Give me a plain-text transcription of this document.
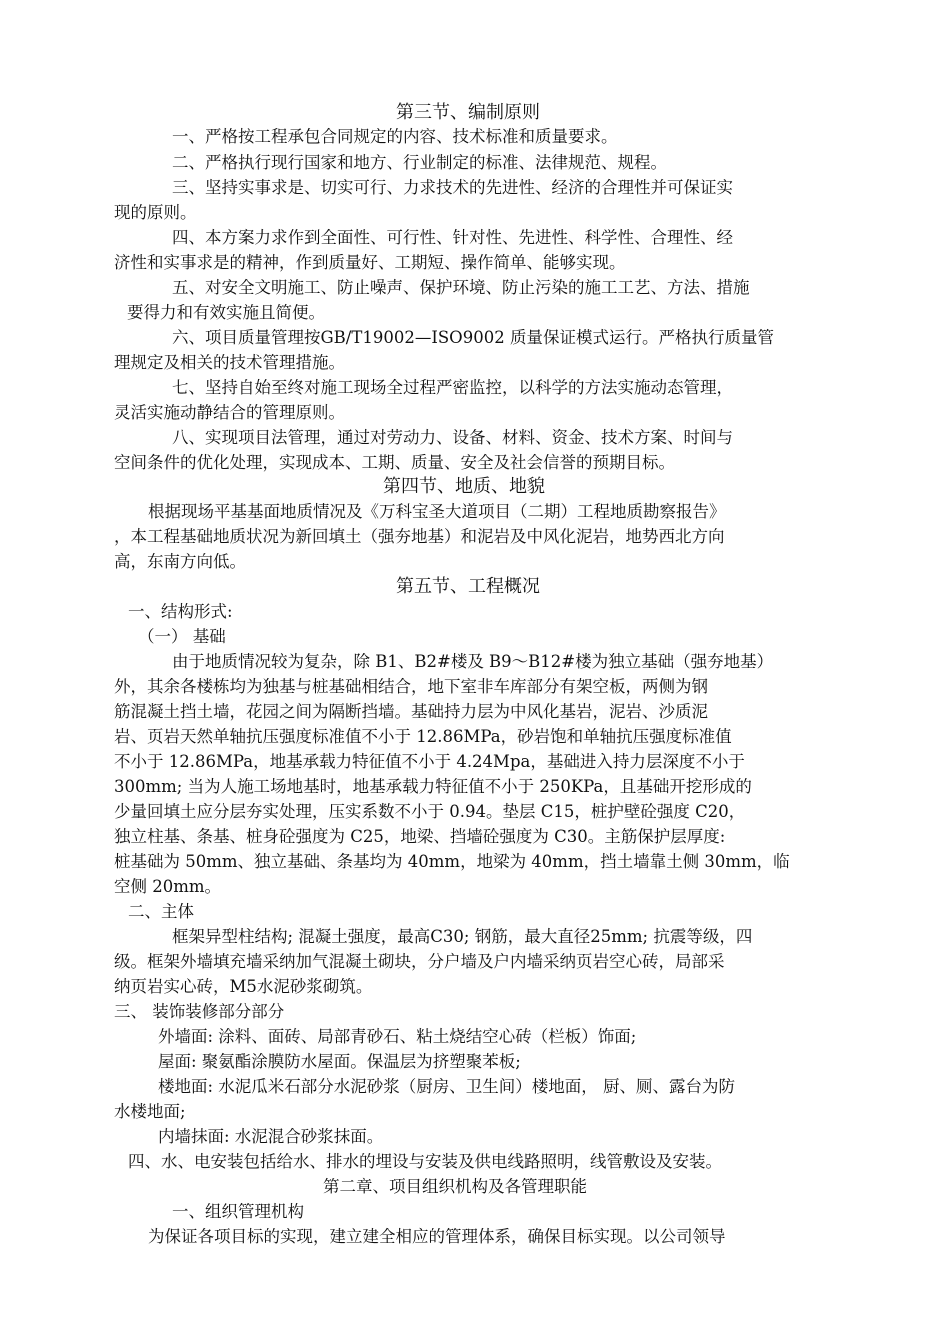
第三节、编制原则
一、严格按工程承包合同规定的内容、技术标准和质量要求。
二、严格执行现行国家和地方、行业制定的标准、法律规范、规程。
三、坚持实事求是、切实可行、力求技术的先进性、经济的合理性并可保证实
现的原则。
四、本方案力求作到全面性、可行性、针对性、先进性、科学性、合理性、经
济性和实事求是的精神，作到质量好、工期短、操作简单、能够实现。
五、对安全文明施工、防止噪声、保护环境、防止污染的施工工艺、方法、措施
要得力和有效实施且简便。
六、项目质量管理按GB/T19002—ISO9002 质量保证模式运行。严格执行质量管
理规定及相关的技术管理措施。
七、坚持自始至终对施工现场全过程严密监控，以科学的方法实施动态管理，
灵活实施动静结合的管理原则。
八、实现项目法管理，通过对劳动力、设备、材料、资金、技术方案、时间与
空间条件的优化处理，实现成本、工期、质量、安全及社会信誉的预期目标。
第四节、地质、地貌
根据现场平基基面地质情况及《万科宝圣大道项目（二期）工程地质勘察报告》
，本工程基础地质状况为新回填土（强夯地基）和泥岩及中风化泥岩，地势西北方向
高，东南方向低。
第五节、工程概况
一、结构形式:
（一） 基础
由于地质情况较为复杂，除 B1、B2#楼及 B9～B12#楼为独立基础（强夯地基）
外，其余各楼栋均为独基与桩基础相结合，地下室非车库部分有架空板，两侧为钢
筋混凝土挡土墙，花园之间为隔断挡墙。基础持力层为中风化基岩，泥岩、沙质泥
岩、页岩天然单轴抗压强度标准值不小于 12.86MPa，砂岩饱和单轴抗压强度标准值
不小于 12.86MPa，地基承载力特征值不小于 4.24Mpa，基础进入持力层深度不小于
300mm; 当为人施工场地基时，地基承载力特征值不小于 250KPa，且基础开挖形成的
少量回填土应分层夯实处理，压实系数不小于 0.94。垫层 C15，桩护壁砼强度 C20，
独立柱基、条基、桩身砼强度为 C25，地梁、挡墙砼强度为 C30。主筋保护层厚度:
桩基础为 50mm、独立基础、条基均为 40mm，地梁为 40mm，挡土墙靠土侧 30mm，临
空侧 20mm。
二、主体
框架异型柱结构; 混凝土强度，最高C30; 钢筋，最大直径25mm; 抗震等级，四
级。框架外墙填充墙采纳加气混凝土砌块，分户墙及户内墙采纳页岩空心砖，局部采
纳页岩实心砖，M5水泥砂浆砌筑。
三、 装饰装修部分部分
外墙面: 涂料、面砖、局部青砂石、粘土烧结空心砖（栏板）饰面;
屋面: 聚氨酯涂膜防水屋面。保温层为挤塑聚苯板;
楼地面: 水泥瓜米石部分水泥砂浆（厨房、卫生间）楼地面， 厨、厕、露台为防
水楼地面;
内墙抹面: 水泥混合砂浆抹面。
四、水、电安装包括给水、排水的埋设与安装及供电线路照明，线管敷设及安装。
第二章、项目组织机构及各管理职能
一、组织管理机构
为保证各项目标的实现，建立建全相应的管理体系，确保目标实现。以公司领导
